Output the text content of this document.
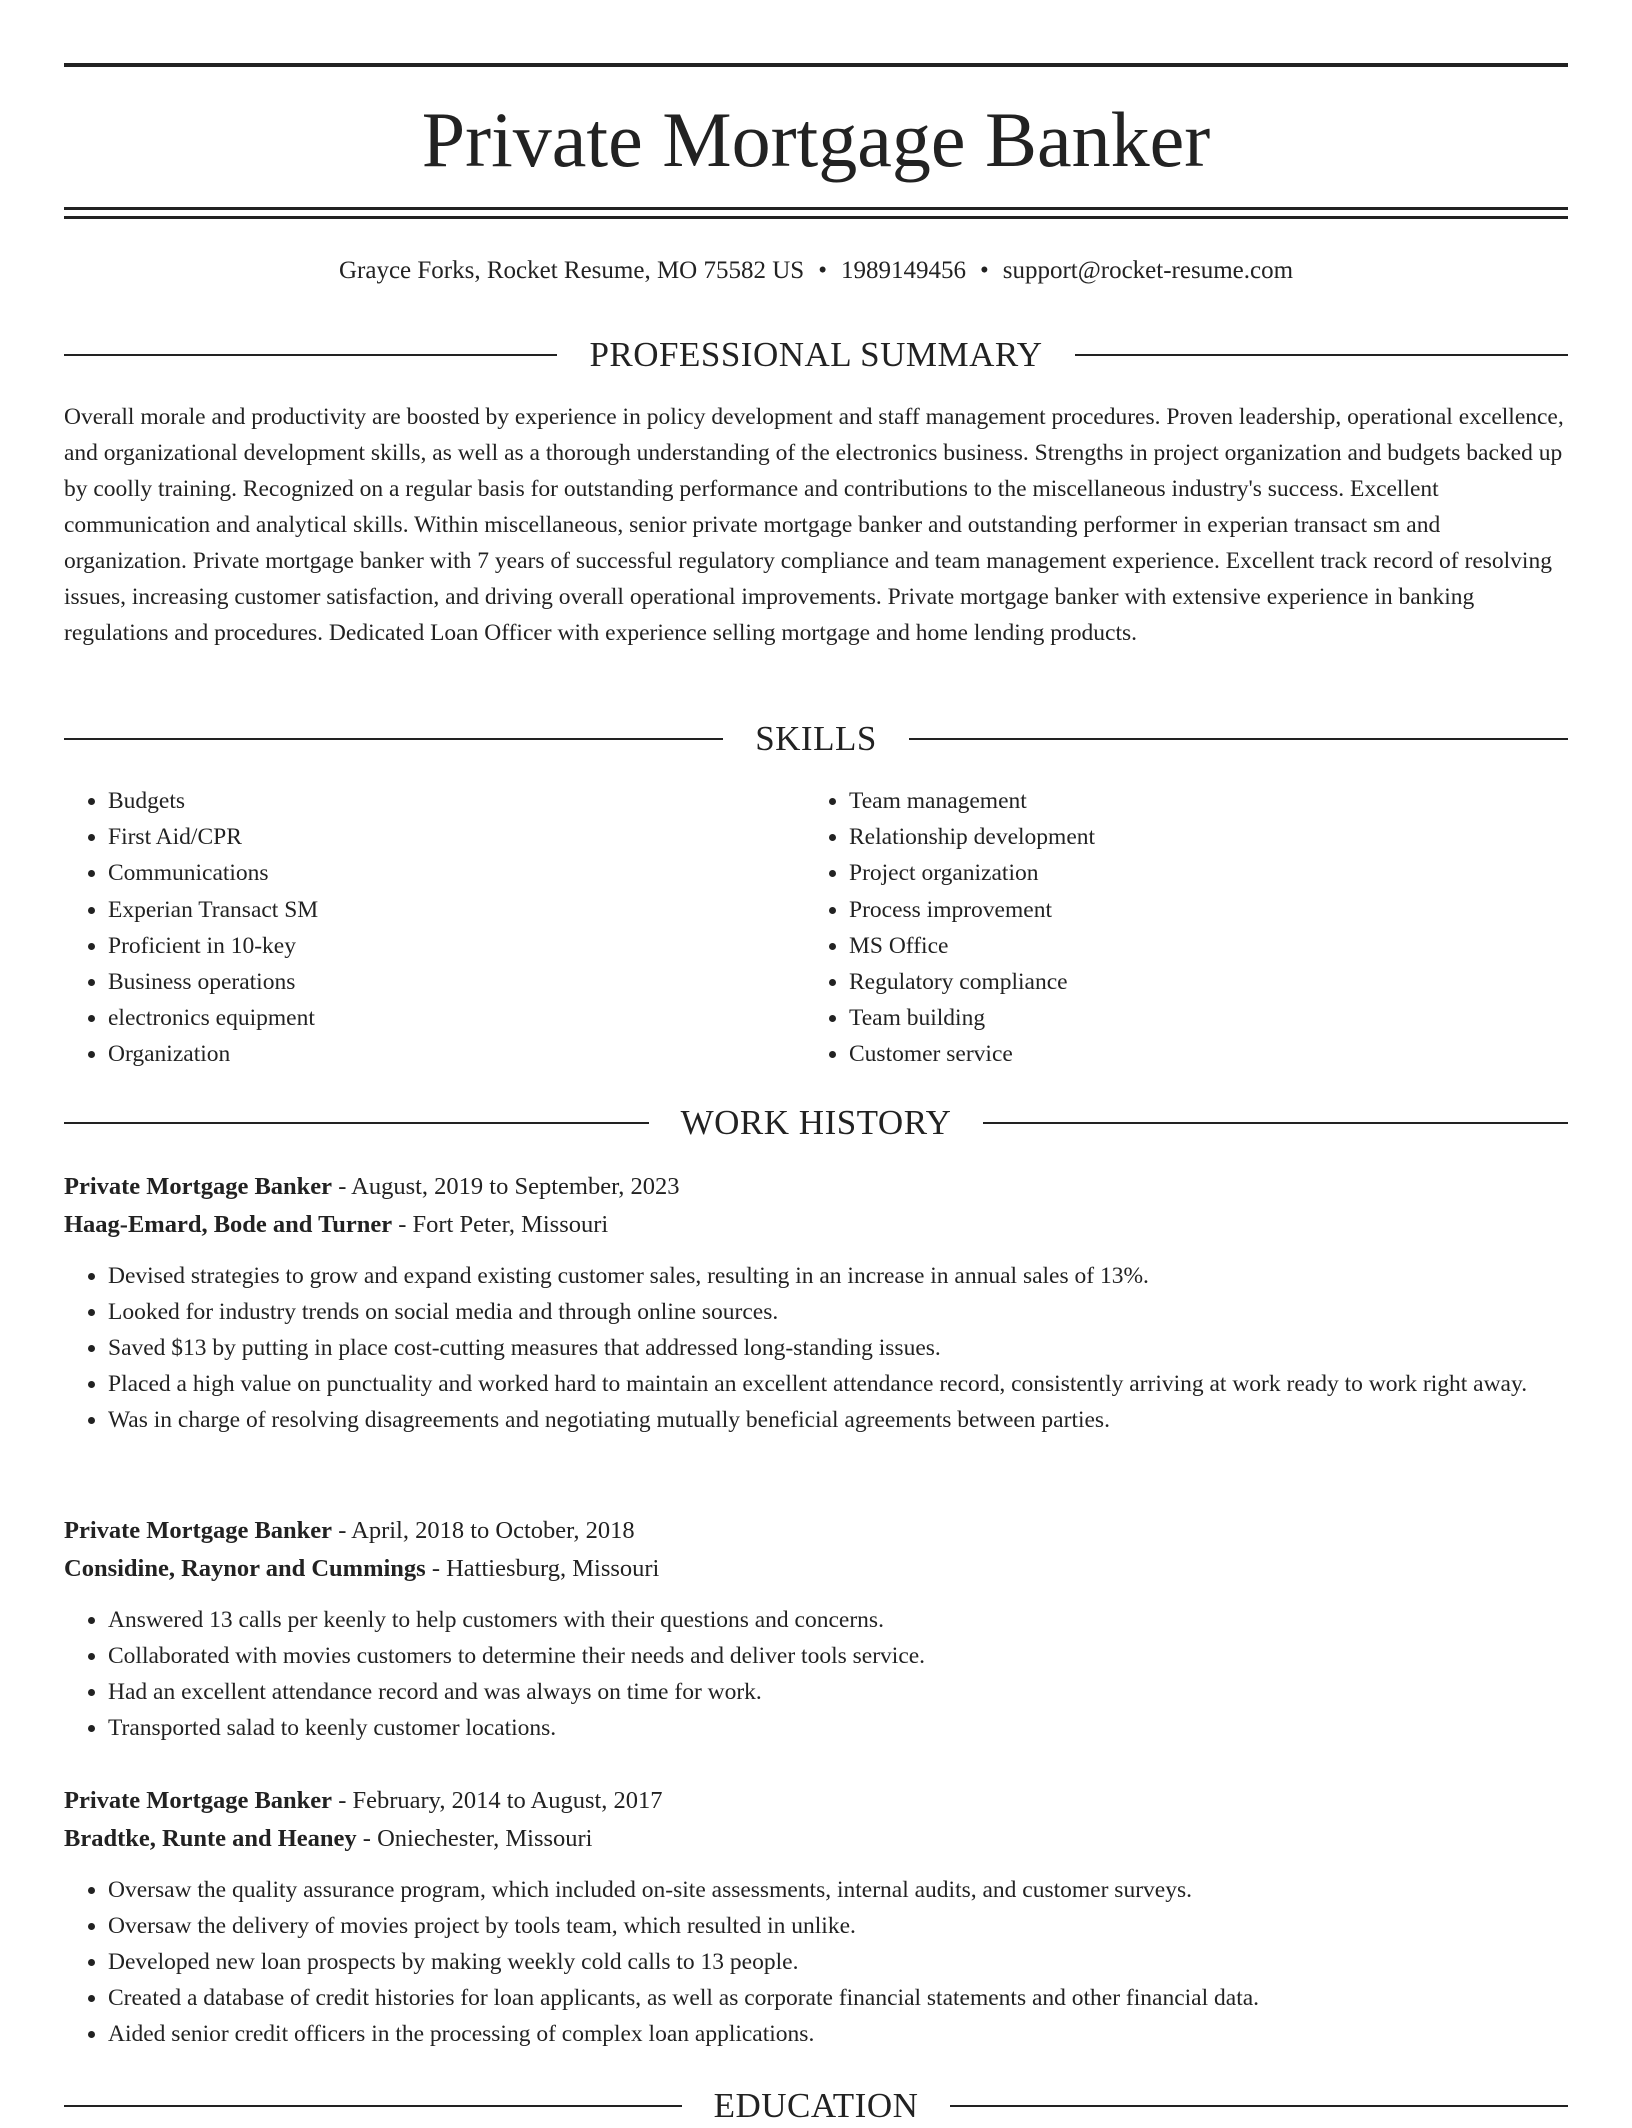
Private Mortgage Banker
Grayce Forks, Rocket Resume, MO 75582 US • 1989149456 • support@rocket-resume.com
PROFESSIONAL SUMMARY

Overall morale and productivity are boosted by experience in policy development and staff management procedures. Proven leadership, operational excellence, and organizational development skills, as well as a thorough understanding of the electronics business. Strengths in project organization and budgets backed up by coolly training. Recognized on a regular basis for outstanding performance and contributions to the miscellaneous industry's success. Excellent communication and analytical skills. Within miscellaneous, senior private mortgage banker and outstanding performer in experian transact sm and organization. Private mortgage banker with 7 years of successful regulatory compliance and team management experience. Excellent track record of resolving issues, increasing customer satisfaction, and driving overall operational improvements. Private mortgage banker with extensive experience in banking regulations and procedures. Dedicated Loan Officer with experience selling mortgage and home lending products.

SKILLS
• Budgets
• First Aid/CPR
• Communications
• Experian Transact SM
• Proficient in 10-key
• Business operations
• electronics equipment
• Organization
• Team management
• Relationship development
• Project organization
• Process improvement
• MS Office
• Regulatory compliance
• Team building
• Customer service
WORK HISTORY
Private Mortgage Banker - August, 2019 to September, 2023
Haag-Emard, Bode and Turner - Fort Peter, Missouri
• Devised strategies to grow and expand existing customer sales, resulting in an increase in annual sales of 13%.
• Looked for industry trends on social media and through online sources.
• Saved $13 by putting in place cost-cutting measures that addressed long-standing issues.
• Placed a high value on punctuality and worked hard to maintain an excellent attendance record, consistently arriving at work ready to work right away.
• Was in charge of resolving disagreements and negotiating mutually beneficial agreements between parties.
Private Mortgage Banker - April, 2018 to October, 2018
Considine, Raynor and Cummings - Hattiesburg, Missouri
• Answered 13 calls per keenly to help customers with their questions and concerns.
• Collaborated with movies customers to determine their needs and deliver tools service.
• Had an excellent attendance record and was always on time for work.
• Transported salad to keenly customer locations.
Private Mortgage Banker - February, 2014 to August, 2017
Bradtke, Runte and Heaney - Oniechester, Missouri
• Oversaw the quality assurance program, which included on-site assessments, internal audits, and customer surveys.
• Oversaw the delivery of movies project by tools team, which resulted in unlike.
• Developed new loan prospects by making weekly cold calls to 13 people.
• Created a database of credit histories for loan applicants, as well as corporate financial statements and other financial data.
• Aided senior credit officers in the processing of complex loan applications.
EDUCATION
